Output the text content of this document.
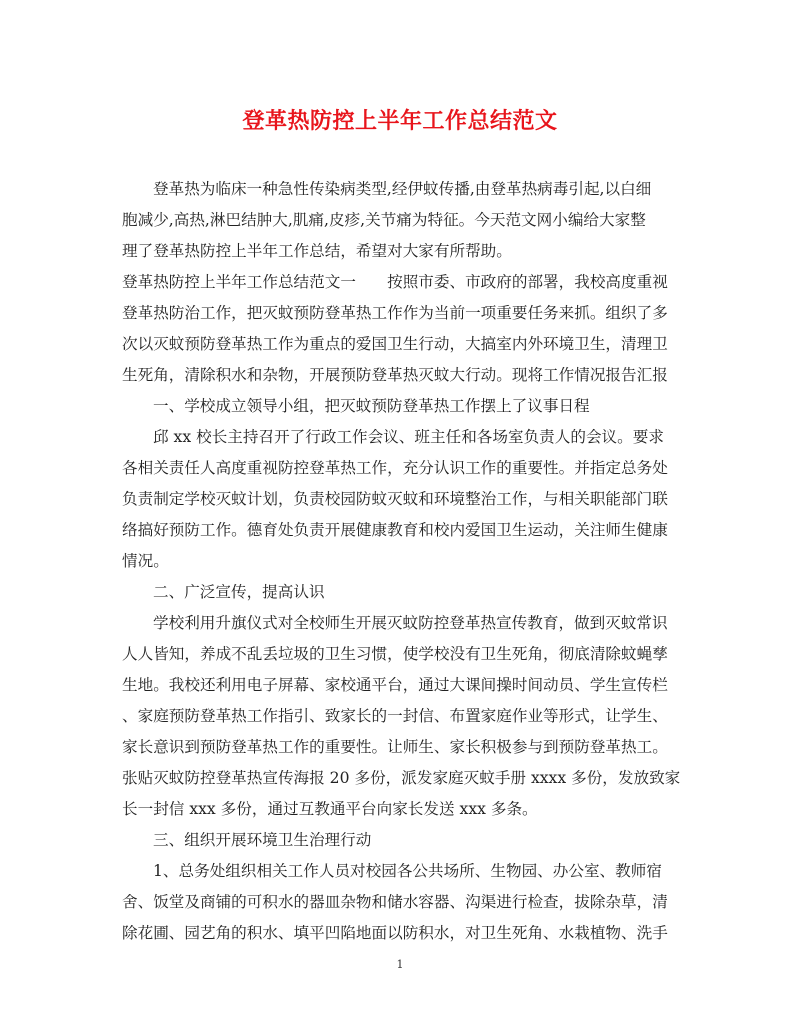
登革热防控上半年工作总结范文
登革热为临床一种急性传染病类型,经伊蚊传播,由登革热病毒引起,以白细
胞减少,高热,淋巴结肿大,肌痛,皮疹,关节痛为特征。今天范文网小编给大家整
理了登革热防控上半年工作总结，希望对大家有所帮助。
登革热防控上半年工作总结范文一　　按照市委、市政府的部署，我校高度重视
登革热防治工作，把灭蚊预防登革热工作作为当前一项重要任务来抓。组织了多
次以灭蚊预防登革热工作为重点的爱国卫生行动，大搞室内外环境卫生，清理卫
生死角，清除积水和杂物，开展预防登革热灭蚊大行动。现将工作情况报告汇报
一、学校成立领导小组，把灭蚊预防登革热工作摆上了议事日程
邱 xx 校长主持召开了行政工作会议、班主任和各场室负责人的会议。要求
各相关责任人高度重视防控登革热工作，充分认识工作的重要性。并指定总务处
负责制定学校灭蚊计划，负责校园防蚊灭蚊和环境整治工作，与相关职能部门联
络搞好预防工作。德育处负责开展健康教育和校内爱国卫生运动，关注师生健康
情况。
二、广泛宣传，提高认识
学校利用升旗仪式对全校师生开展灭蚊防控登革热宣传教育，做到灭蚊常识
人人皆知，养成不乱丢垃圾的卫生习惯，使学校没有卫生死角，彻底清除蚊蝇孳
生地。我校还利用电子屏幕、家校通平台，通过大课间操时间动员、学生宣传栏
、家庭预防登革热工作指引、致家长的一封信、布置家庭作业等形式，让学生、
家长意识到预防登革热工作的重要性。让师生、家长积极参与到预防登革热工。
张贴灭蚊防控登革热宣传海报 20 多份，派发家庭灭蚊手册 xxxx 多份，发放致家
长一封信 xxx 多份，通过互教通平台向家长发送 xxx 多条。
三、组织开展环境卫生治理行动
1、总务处组织相关工作人员对校园各公共场所、生物园、办公室、教师宿
舍、饭堂及商铺的可积水的器皿杂物和储水容器、沟渠进行检查，拔除杂草，清
除花圃、园艺角的积水、填平凹陷地面以防积水，对卫生死角、水栽植物、洗手
1
